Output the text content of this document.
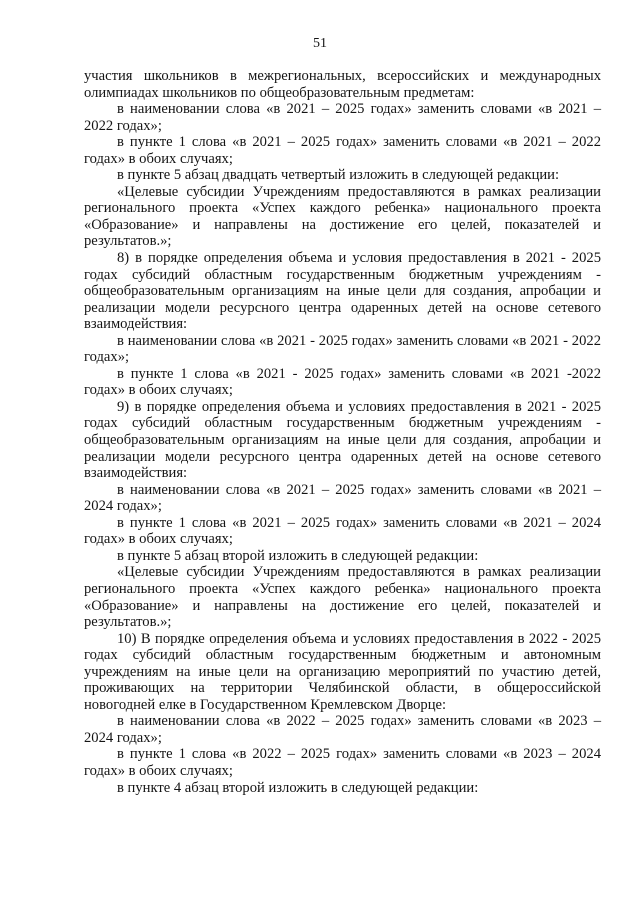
51

участия школьников в межрегиональных, всероссийских и международных олимпиадах школьников по общеобразовательным предметам:

в наименовании слова «в 2021 – 2025 годах» заменить словами «в 2021 – 2022 годах»;

в пункте 1 слова «в 2021 – 2025 годах» заменить словами «в 2021 – 2022 годах» в обоих случаях;

в пункте 5 абзац двадцать четвертый изложить в следующей редакции:

«Целевые субсидии Учреждениям предоставляются в рамках реализации регионального проекта «Успех каждого ребенка» национального проекта «Образование» и направлены на достижение его целей, показателей и результатов.»;

8) в порядке определения объема и условия предоставления в 2021 - 2025 годах субсидий областным государственным бюджетным учреждениям - общеобразовательным организациям на иные цели для создания, апробации и реализации модели ресурсного центра одаренных детей на основе сетевого взаимодействия:

в наименовании слова «в 2021 - 2025 годах» заменить словами «в 2021 - 2022 годах»;

в пункте 1 слова «в 2021 - 2025 годах» заменить словами «в 2021 -2022 годах» в обоих случаях;

9) в порядке определения объема и условиях предоставления в 2021 - 2025 годах субсидий областным государственным бюджетным учреждениям - общеобразовательным организациям на иные цели для создания, апробации и реализации модели ресурсного центра одаренных детей на основе сетевого взаимодействия:

в наименовании слова «в 2021 – 2025 годах» заменить словами «в 2021 – 2024 годах»;

в пункте 1 слова «в 2021 – 2025 годах» заменить словами «в 2021 – 2024 годах» в обоих случаях;

в пункте 5 абзац второй изложить в следующей редакции:

«Целевые субсидии Учреждениям предоставляются в рамках реализации регионального проекта «Успех каждого ребенка» национального проекта «Образование» и направлены на достижение его целей, показателей и результатов.»;

10) В порядке определения объема и условиях предоставления в 2022 - 2025 годах субсидий областным государственным бюджетным и автономным учреждениям на иные цели на организацию мероприятий по участию детей, проживающих на территории Челябинской области, в общероссийской новогодней елке в Государственном Кремлевском Дворце:

в наименовании слова «в 2022 – 2025 годах» заменить словами «в 2023 – 2024 годах»;

в пункте 1 слова «в 2022 – 2025 годах» заменить словами «в 2023 – 2024 годах» в обоих случаях;

в пункте 4 абзац второй изложить в следующей редакции:
